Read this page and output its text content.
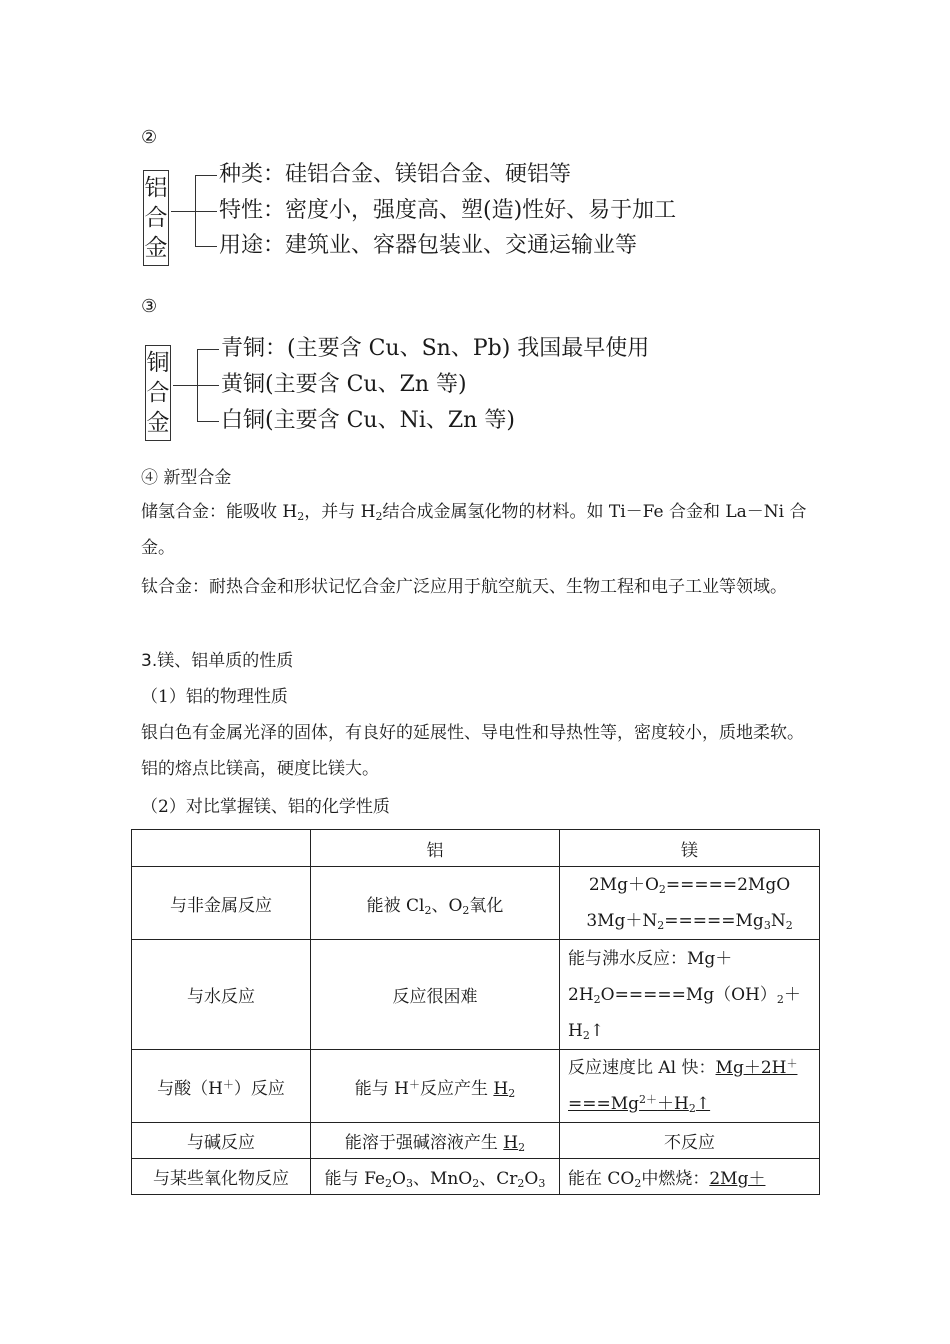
②
铝
合
金
种类：硅铝合金、镁铝合金、硬铝等
特性：密度小，强度高、塑(造)性好、易于加工
用途：建筑业、容器包装业、交通运输业等
③
铜
合
金
青铜：(主要含 Cu、Sn、Pb) 我国最早使用
黄铜(主要含 Cu、Zn 等)
白铜(主要含 Cu、Ni、Zn 等)
④ 新型合金
储氢合金：能吸收 $H_2$，并与 $H_2$结合成金属氢化物的材料。如 Ti－Fe 合金和 La－Ni 合金。
钛合金：耐热合金和形状记忆合金广泛应用于航空航天、生物工程和电子工业等领域。
3.镁、铝单质的性质
（1）铝的物理性质
银白色有金属光泽的固体，有良好的延展性、导电性和导热性等，密度较小，质地柔软。铝的熔点比镁高，硬度比镁大。
（2）对比掌握镁、铝的化学性质
	铝	镁
与非金属反应	能被 $Cl_2$、$O_2$氧化	$2Mg+O_2=====2MgO$
$3Mg+N_2=====Mg_3N_2$

与水反应	反应很困难	能与沸水反应：Mg＋
$2H_2O=====Mg(OH)_2+$
$H_2↑$

与酸（H＋）反应	能与 H＋反应产生 $H_2$	反应速度比 Al 快：Mg＋2H＋
$===Mg^{2+}+H_2↑$

与碱反应	能溶于强碱溶液产生 $H_2$	不反应
与某些氧化物反应	能与 $Fe_2O_3$、MnO$_2$、$Cr_2O_3$	能在 $CO_2$中燃烧：2Mg＋
